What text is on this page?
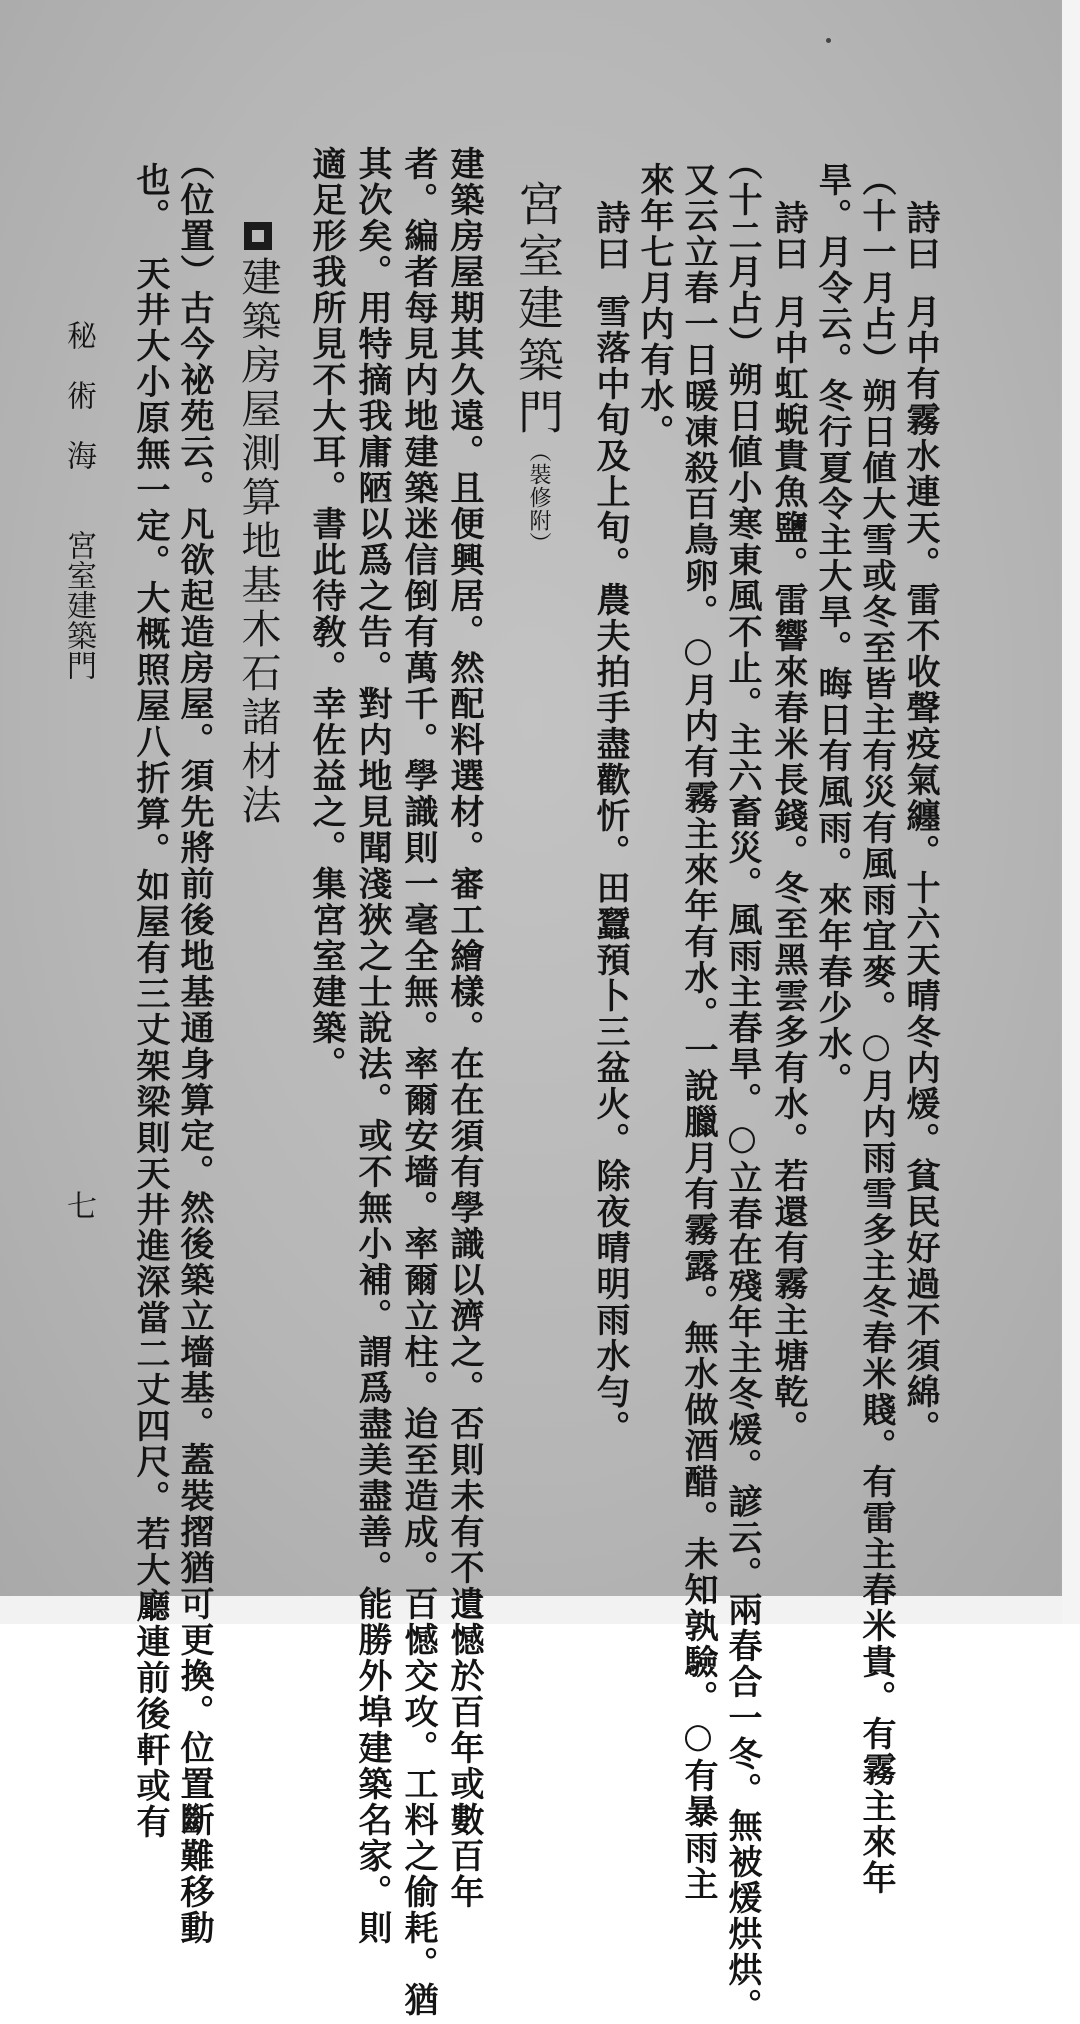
詩曰月中有霧水連天。雷不收聲疫氣纏。十六天晴冬内煖。貧民好過不須綿。
（十一月占）朔日値大雪或冬至皆主有災有風雨宜麥。○月内雨雪多主冬春米賤。有雷主春米貴。有霧主來年
旱。月令云。冬行夏令主大旱。晦日有風雨。來年春少水。
詩曰月中虹蜺貴魚鹽。雷響來春米長錢。冬至黑雲多有水。若還有霧主塘乾。
（十二月占）朔日値小寒東風不止。主六畜災。風雨主春旱。○立春在殘年主冬煖。諺云。兩春合一冬。無被煖烘烘。
又云立春一日暖凍殺百鳥卵。○月内有霧主來年有水。一說臘月有霧露。無水做酒醋。未知孰驗。○有暴雨主
來年七月内有水。
詩曰雪落中旬及上旬。農夫拍手盡歡忻。田蠶預卜三盆火。除夜晴明雨水勻。
宮室建築門（裝修附）
建築房屋期其久遠。且便興居。然配料選材。審工繪樣。在在須有學識以濟之。否則未有不遺憾於百年或數百年
者。編者每見内地建築迷信倒有萬千。學識則一毫全無。率爾安墻。率爾立柱。迨至造成。百憾交攻。工料之偷耗。猶
其次矣。用特摘我庸陋以爲之告。對内地見聞淺狹之士說法。或不無小補。謂爲盡美盡善。能勝外埠建築名家。則
適足形我所見不大耳。書此待敎。幸佐益之。集宮室建築。
建築房屋測算地基木石諸材法
（位置）古今祕苑云。凡欲起造房屋。須先將前後地基通身算定。然後築立墻基。蓋裝摺猶可更換。位置斷難移動
也。天井大小原無一定。大概照屋八折算。如屋有三丈架梁則天井進深當二丈四尺。若大廳連前後軒或有
秘　術　海宮室建築門
七
